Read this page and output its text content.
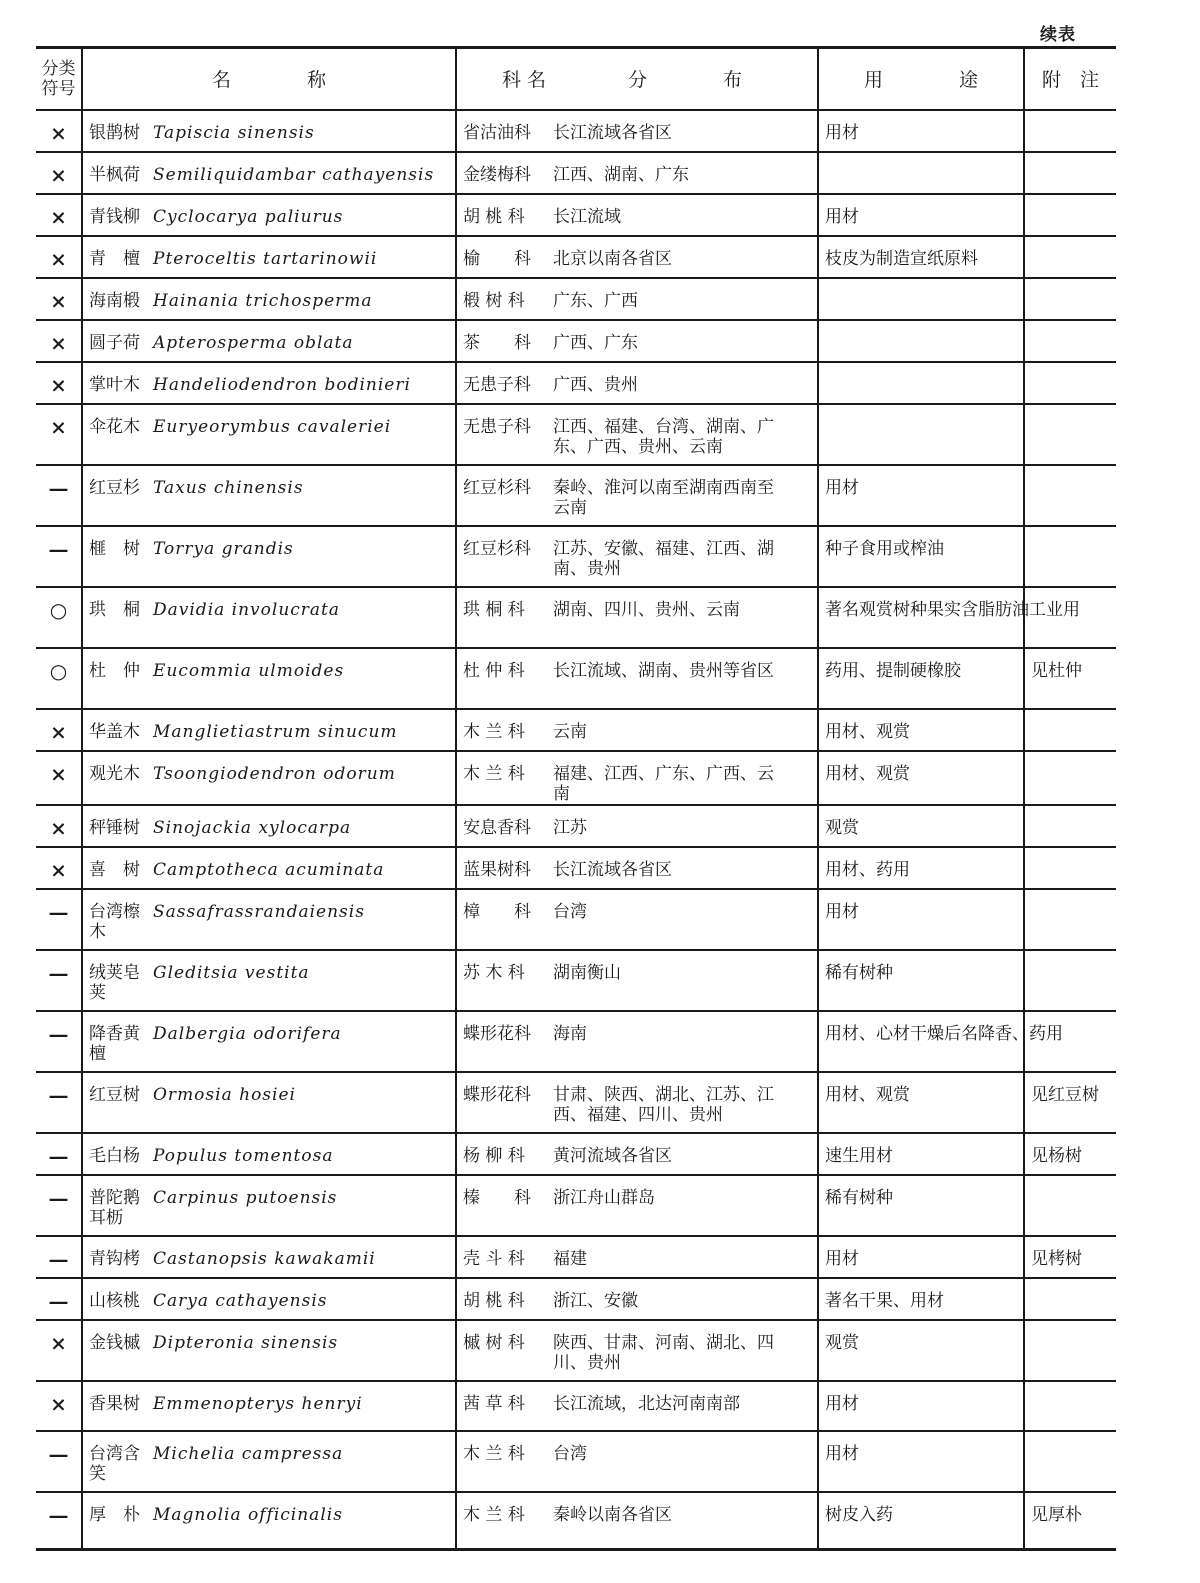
续表
分类符号	名　　　　称	科 名 分　　　　布	用　　　　途	附　注
×	银鹊树 Tapiscia sinensis	省沽油科 长江流域各省区	用材	
×	半枫荷 Semiliquidambar cathayensis	金缕梅科 江西、湖南、广东		
×	青钱柳 Cyclocarya paliurus	胡 桃 科 长江流域	用材	
×	青　檀 Pteroceltis tartarinowii	榆　　科 北京以南各省区	枝皮为制造宣纸原料	
×	海南椴 Hainania trichosperma	椴 树 科 广东、广西		
×	圆子荷 Apterosperma oblata	茶　　科 广西、广东		
×	掌叶木 Handeliodendron bodinieri	无患子科 广西、贵州		
×	伞花木 Euryeorymbus cavaleriei	无患子科 江西、福建、台湾、湖南、广东、广西、贵州、云南		
—	红豆杉 Taxus chinensis	红豆杉科 秦岭、淮河以南至湖南西南至云南	用材	
—	榧　树 Torrya grandis	红豆杉科 江苏、安徽、福建、江西、湖南、贵州	种子食用或榨油	
○	珙　桐 Davidia involucrata	珙 桐 科 湖南、四川、贵州、云南	著名观赏树种果实含脂肪油工业用	
○	杜　仲 Eucommia ulmoides	杜 仲 科 长江流域、湖南、贵州等省区	药用、提制硬橡胶	见杜仲
×	华盖木 Manglietiastrum sinucum	木 兰 科 云南	用材、观赏	
×	观光木 Tsoongiodendron odorum	木 兰 科 福建、江西、广东、广西、云南	用材、观赏	
×	秤锤树 Sinojackia xylocarpa	安息香科 江苏	观赏	
×	喜　树 Camptotheca acuminata	蓝果树科 长江流域各省区	用材、药用	
—	台湾檫木Sassafrassrandaiensis	樟　　科 台湾	用材	
—	绒荚皂荚Gleditsia vestita	苏 木 科 湖南衡山	稀有树种	
—	降香黄檀Dalbergia odorifera	蝶形花科 海南	用材、心材干燥后名降香、药用	
—	红豆树 Ormosia hosiei	蝶形花科 甘肃、陕西、湖北、江苏、江西、福建、四川、贵州	用材、观赏	见红豆树
—	毛白杨 Populus tomentosa	杨 柳 科 黄河流域各省区	速生用材	见杨树
—	普陀鹅耳枥Carpinus putoensis	榛　　科 浙江舟山群岛	稀有树种	
—	青钩栲 Castanopsis kawakamii	壳 斗 科 福建	用材	见栲树
—	山核桃 Carya cathayensis	胡 桃 科 浙江、安徽	著名干果、用材	
×	金钱槭 Dipteronia sinensis	槭 树 科 陕西、甘肃、河南、湖北、四川、贵州	观赏	
×	香果树 Emmenopterys henryi	茜 草 科 长江流域，北达河南南部	用材	
—	台湾含笑Michelia campressa	木 兰 科 台湾	用材	
—	厚　朴 Magnolia officinalis	木 兰 科 秦岭以南各省区	树皮入药	见厚朴
